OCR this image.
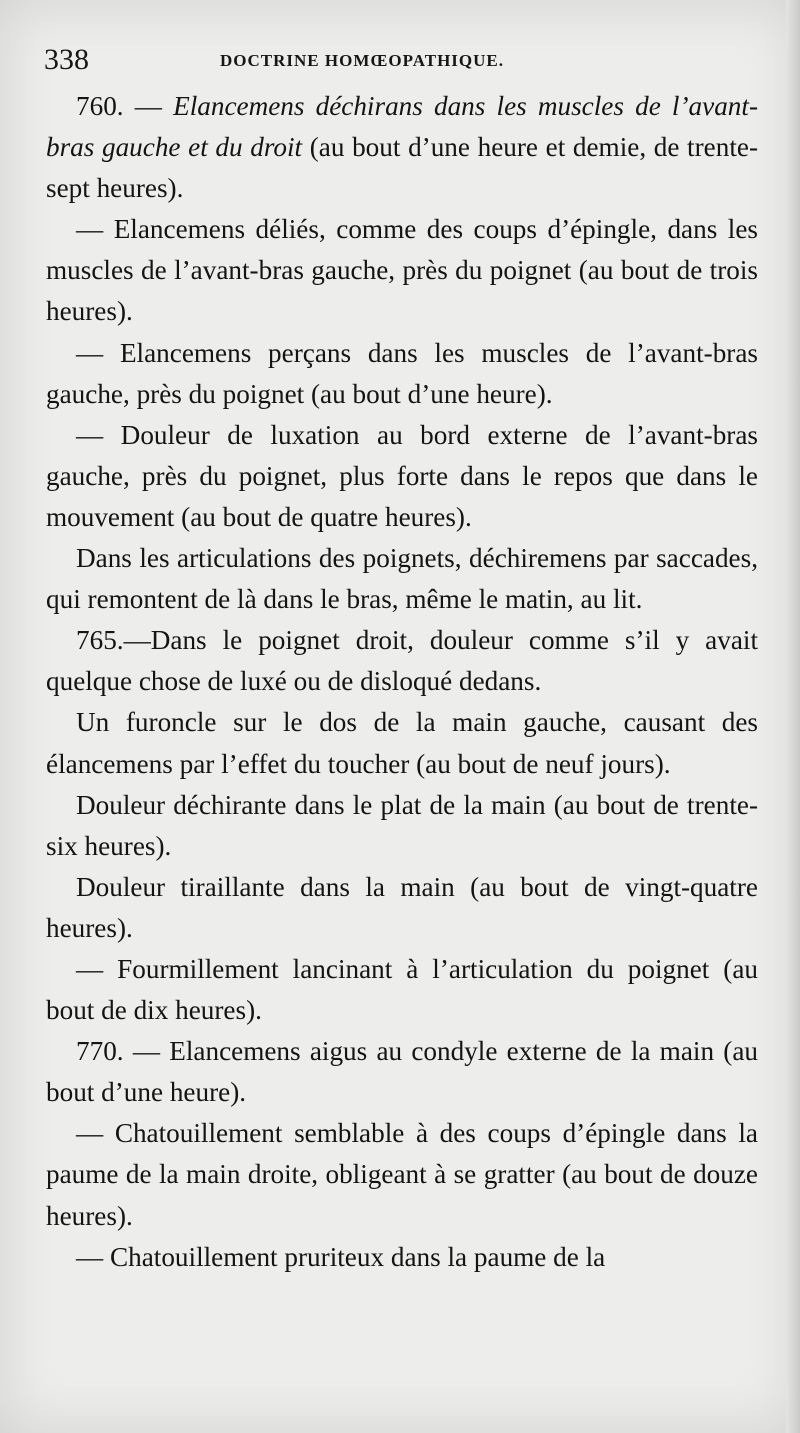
338	DOCTRINE HOMŒOPATHIQUE.

760. — Elancemens déchirans dans les muscles de l’avant-bras gauche et du droit (au bout d’une heure et demie, de trente-sept heures).

— Elancemens déliés, comme des coups d’épingle, dans les muscles de l’avant-bras gauche, près du poignet (au bout de trois heures).

— Elancemens perçans dans les muscles de l’avant-bras gauche, près du poignet (au bout d’une heure).

— Douleur de luxation au bord externe de l’avant-bras gauche, près du poignet, plus forte dans le repos que dans le mouvement (au bout de quatre heures).

Dans les articulations des poignets, déchiremens par saccades, qui remontent de là dans le bras, même le matin, au lit.

765.—Dans le poignet droit, douleur comme s’il y avait quelque chose de luxé ou de disloqué dedans.

Un furoncle sur le dos de la main gauche, causant des élancemens par l’effet du toucher (au bout de neuf jours).

Douleur déchirante dans le plat de la main (au bout de trente-six heures).

Douleur tiraillante dans la main (au bout de vingt-quatre heures).

— Fourmillement lancinant à l’articulation du poignet (au bout de dix heures).

770. — Elancemens aigus au condyle externe de la main (au bout d’une heure).

— Chatouillement semblable à des coups d’épingle dans la paume de la main droite, obligeant à se gratter (au bout de douze heures).

— Chatouillement pruriteux dans la paume de la
